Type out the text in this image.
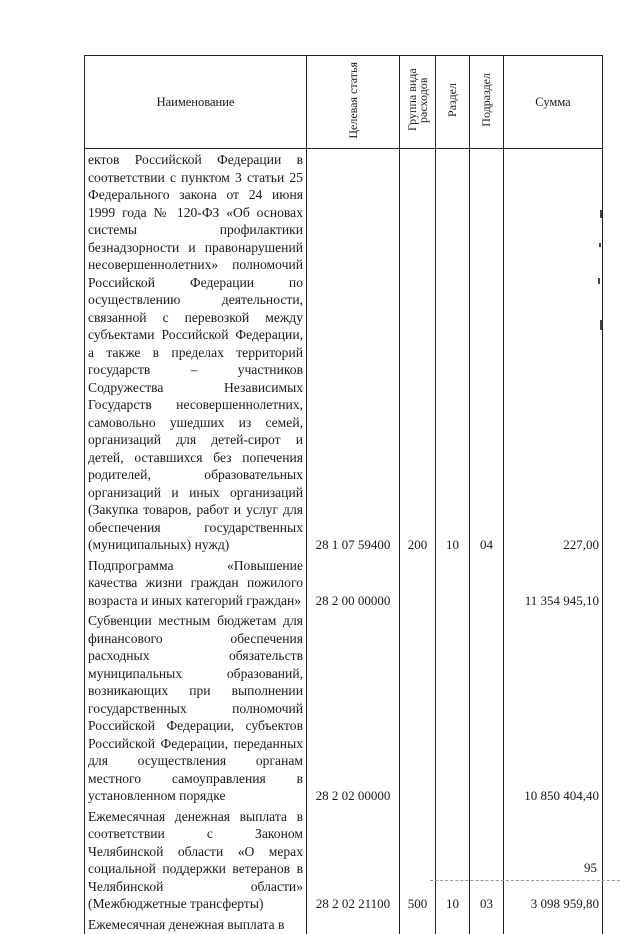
Наименование	Целевая статья	Группа вида расходов	Раздел	Подраздел	Сумма
ектов Российской Федерации в соответствии с пунктом 3 статьи 25 Федерального закона от 24 июня 1999 года № 120-ФЗ «Об основах системы профилактики безнадзорности и правонарушений несовершеннолетних» полномочий Российской Федерации по осуществлению деятельности, связанной с перевозкой между субъектами Российской Федерации, а также в пределах территорий государств – участников Содружества Независимых Государств несовершеннолетних, самовольно ушедших из семей, организаций для детей-сирот и детей, оставшихся без попечения родителей, образовательных организаций и иных организаций (Закупка товаров, работ и услуг для обеспечения государственных (муниципальных) нужд)	28 1 07 59400	200	10	04	227,00
Подпрограмма «Повышение качества жизни граждан пожилого возраста и иных категорий граждан»	28 2 00 00000				11 354 945,10
Субвенции местным бюджетам для финансового обеспечения расходных обязательств муниципальных образований, возникающих при выполнении государственных полномочий Российской Федерации, субъектов Российской Федерации, переданных для осуществления органам местного самоуправления в установленном порядке	28 2 02 00000				10 850 404,40
Ежемесячная денежная выплата в соответствии с Законом Челябинской области «О мерах социальной поддержки ветеранов в Челябинской области» (Межбюджетные трансферты)	28 2 02 21100	500	10	03	3 098 959,80
Ежемесячная денежная выплата в					
95
